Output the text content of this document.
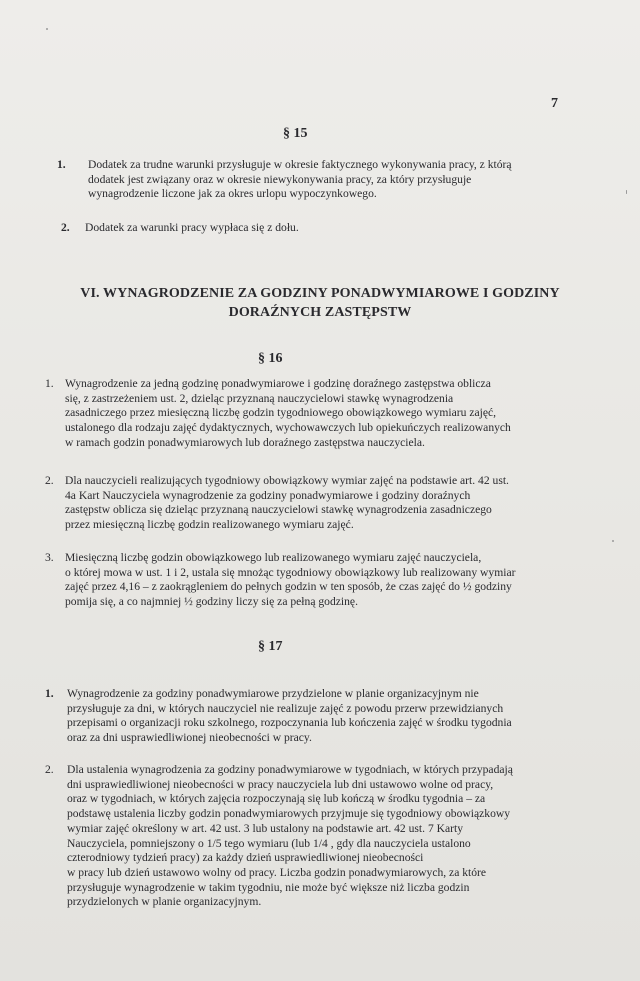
7
§ 15
1. Dodatek za trudne warunki przysługuje w okresie faktycznego wykonywania pracy, z którą
dodatek jest związany oraz w okresie niewykonywania pracy, za który przysługuje
wynagrodzenie liczone jak za okres urlopu wypoczynkowego.
2. Dodatek za warunki pracy wypłaca się z dołu.
VI. WYNAGRODZENIE ZA GODZINY PONADWYMIAROWE I GODZINY
DORAŹNYCH ZASTĘPSTW
§ 16
1. Wynagrodzenie za jedną godzinę ponadwymiarowe i godzinę doraźnego zastępstwa oblicza
się, z zastrzeżeniem ust. 2, dzieląc przyznaną nauczycielowi stawkę wynagrodzenia
zasadniczego przez miesięczną liczbę godzin tygodniowego obowiązkowego wymiaru zajęć,
ustalonego dla rodzaju zajęć dydaktycznych, wychowawczych lub opiekuńczych realizowanych
w ramach godzin ponadwymiarowych lub doraźnego zastępstwa nauczyciela.
2. Dla nauczycieli realizujących tygodniowy obowiązkowy wymiar zajęć na podstawie art. 42 ust.
4a Kart Nauczyciela wynagrodzenie za godziny ponadwymiarowe i godziny doraźnych
zastępstw oblicza się dzieląc przyznaną nauczycielowi stawkę wynagrodzenia zasadniczego
przez miesięczną liczbę godzin realizowanego wymiaru zajęć.
3. Miesięczną liczbę godzin obowiązkowego lub realizowanego wymiaru zajęć nauczyciela,
o której mowa w ust. 1 i 2, ustala się mnożąc tygodniowy obowiązkowy lub realizowany wymiar
zajęć przez 4,16 – z zaokrągleniem do pełnych godzin w ten sposób, że czas zajęć do ½ godziny
pomija się, a co najmniej ½ godziny liczy się za pełną godzinę.
§ 17
1. Wynagrodzenie za godziny ponadwymiarowe przydzielone w planie organizacyjnym nie
przysługuje za dni, w których nauczyciel nie realizuje zajęć z powodu przerw przewidzianych
przepisami o organizacji roku szkolnego, rozpoczynania lub kończenia zajęć w środku tygodnia
oraz za dni usprawiedliwionej nieobecności w pracy.
2. Dla ustalenia wynagrodzenia za godziny ponadwymiarowe w tygodniach, w których przypadają
dni usprawiedliwionej nieobecności w pracy nauczyciela lub dni ustawowo wolne od pracy,
oraz w tygodniach, w których zajęcia rozpoczynają się lub kończą w środku tygodnia – za
podstawę ustalenia liczby godzin ponadwymiarowych przyjmuje się tygodniowy obowiązkowy
wymiar zajęć określony w art. 42 ust. 3 lub ustalony na podstawie art. 42 ust. 7 Karty
Nauczyciela, pomniejszony o 1/5 tego wymiaru (lub 1/4 , gdy dla nauczyciela ustalono
czterodniowy tydzień pracy) za każdy dzień usprawiedliwionej nieobecności
w pracy lub dzień ustawowo wolny od pracy. Liczba godzin ponadwymiarowych, za które
przysługuje wynagrodzenie w takim tygodniu, nie może być większe niż liczba godzin
przydzielonych w planie organizacyjnym.
